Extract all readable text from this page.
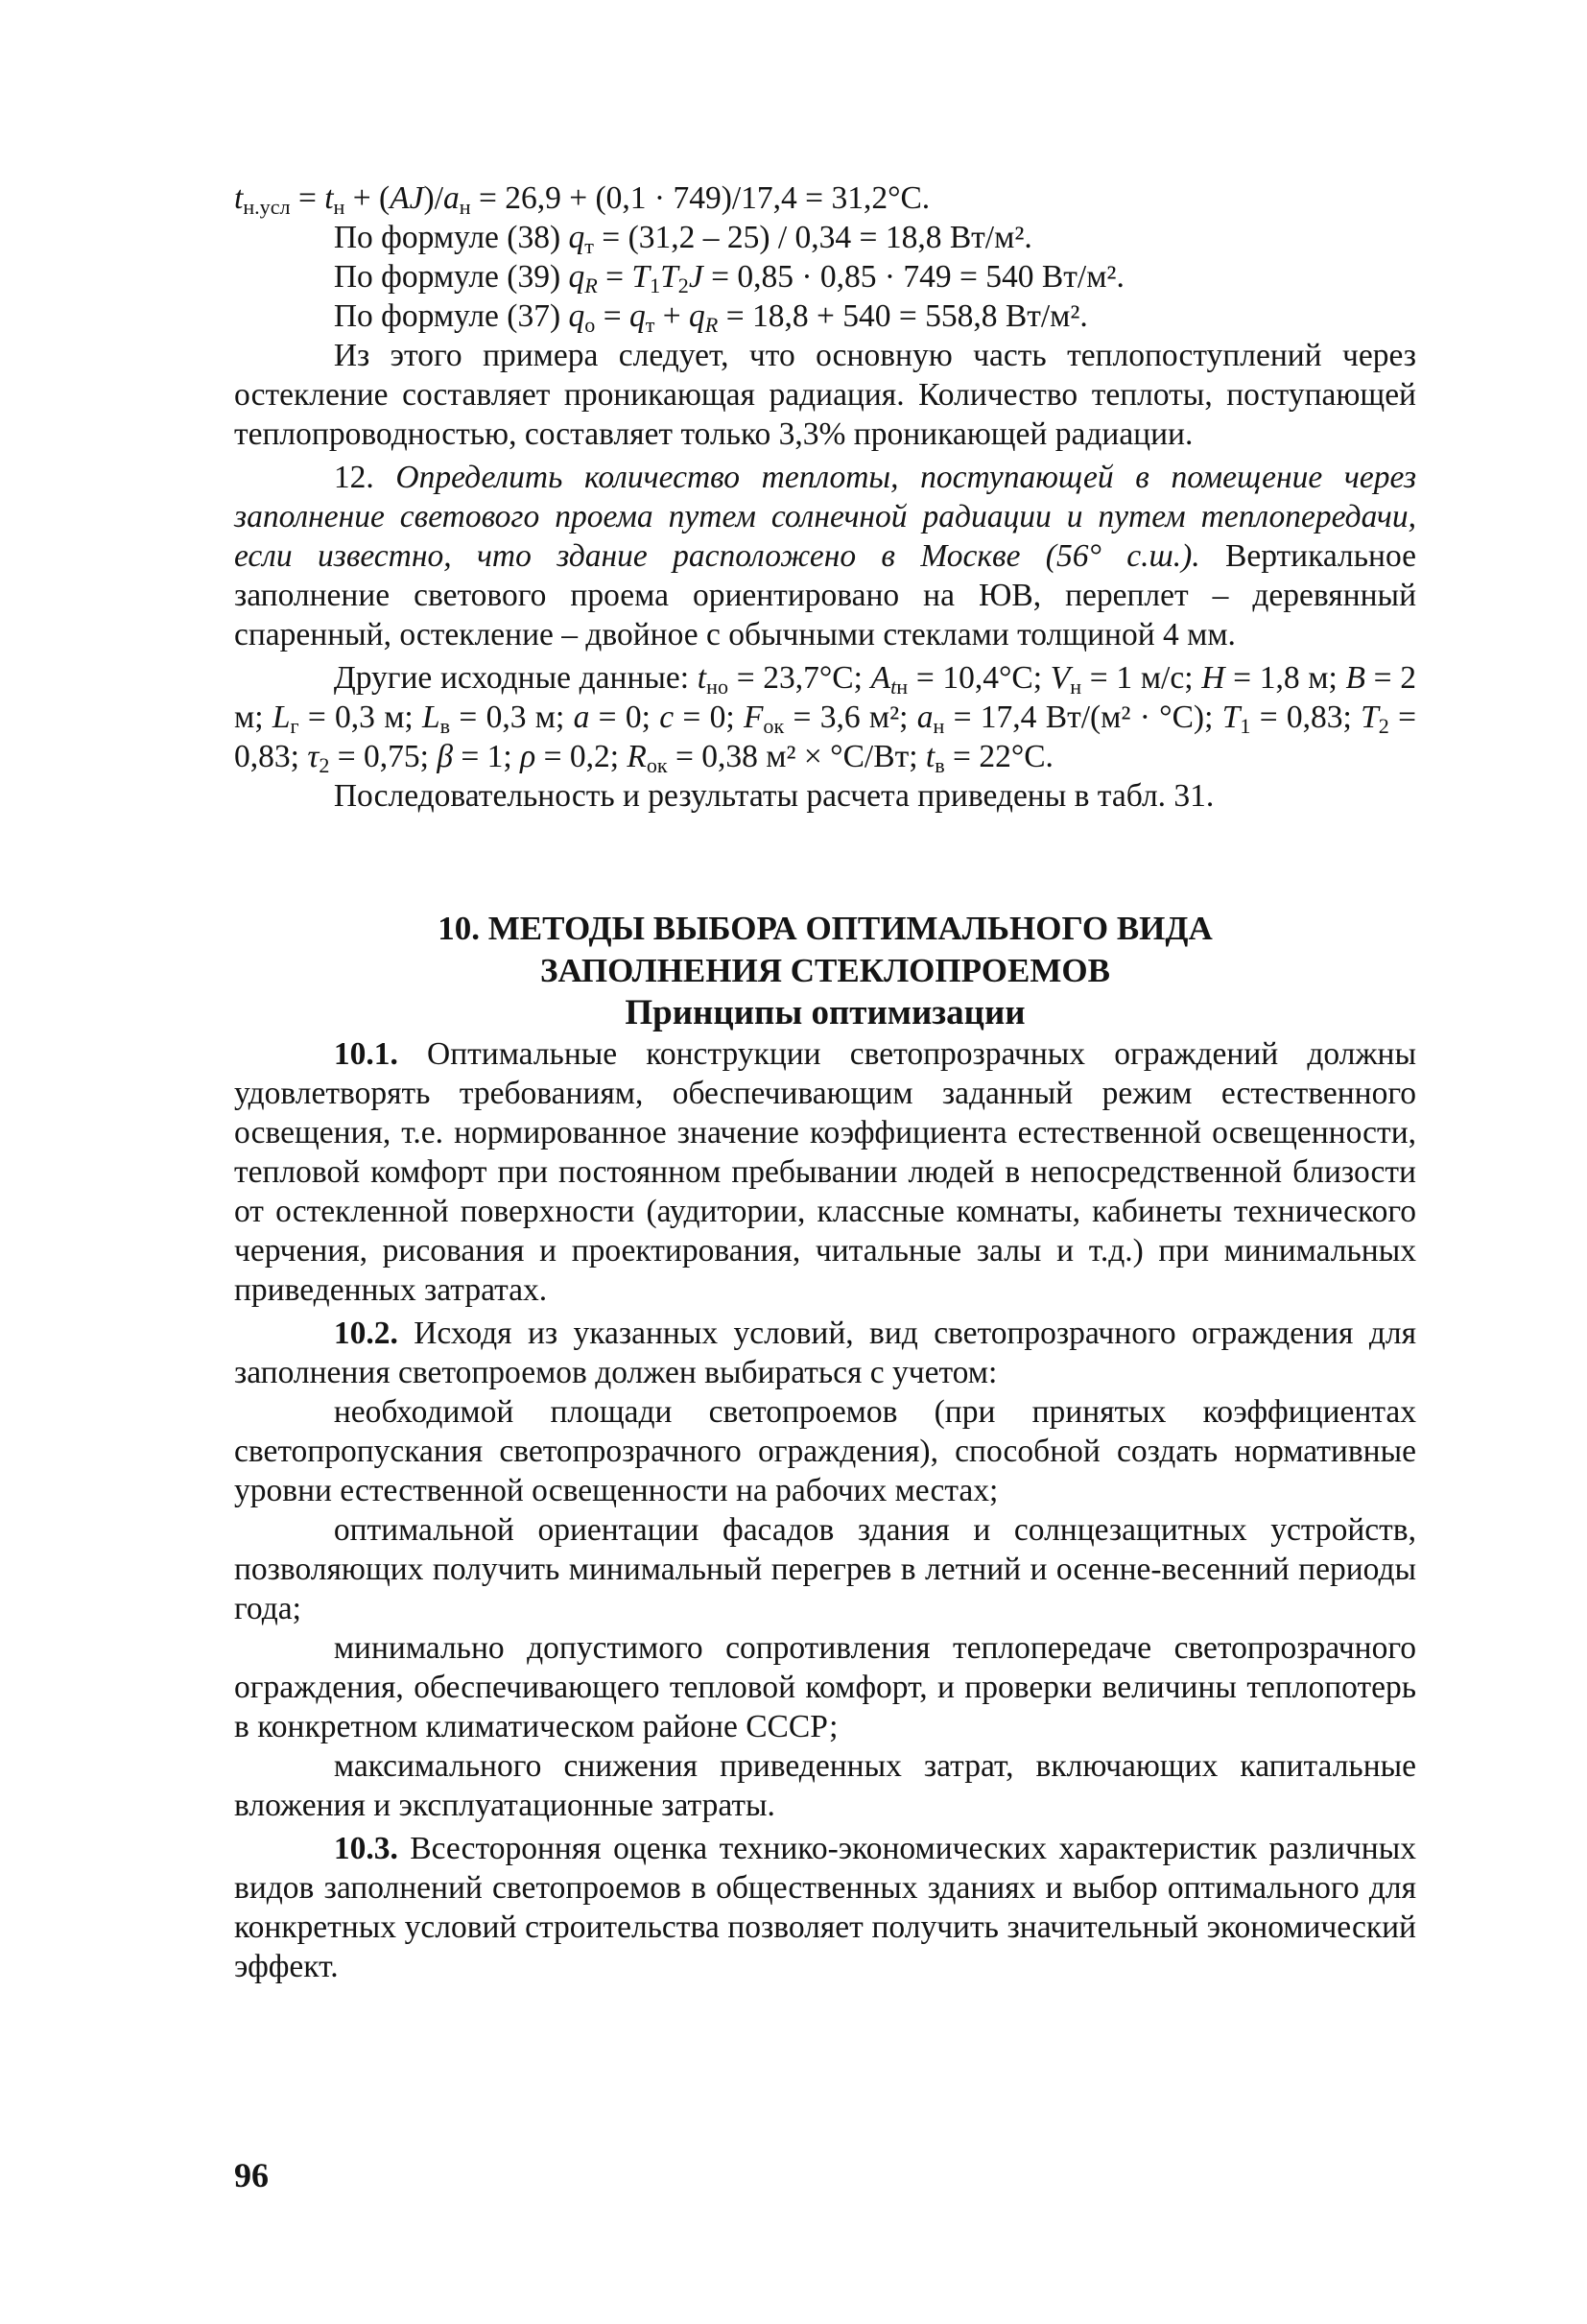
$t_{н.усл} = t_н + (АJ)/a_н = 26,9 + (0,1 \cdot 749)/17,4 = 31,2^\circ С$.

По формуле (38) $q_т = (31,2 - 25) / 0,34 = 18,8$ Вт/м².

По формуле (39) $q_R = T_1T_2J = 0,85 \cdot 0,85 \cdot 749 = 540$ Вт/м².

По формуле (37) $q_о = q_т + q_R = 18,8 + 540 = 558,8$ Вт/м².

Из этого примера следует, что основную часть теплопоступлений через остекление составляет проникающая радиация. Количество теплоты, поступающей теплопроводностью, составляет только 3,3% проникающей радиации.

12. Определить количество теплоты, поступающей в помещение через заполнение светового проема путем солнечной радиации и путем теплопередачи, если известно, что здание расположено в Москве (56° с.ш.). Вертикальное заполнение светового проема ориентировано на ЮВ, переплет – деревянный спаренный, остекление – двойное с обычными стеклами толщиной 4 мм.

Другие исходные данные: $t_{но} = 23,7^\circ С$; $A_{tн} = 10,4^\circ С$; $V_н = 1$ м/с; H = 1,8 м; B = 2 м; $L_г = 0,3$ м; $L_в = 0,3$ м; a = 0; c = 0; $F_{ок} = 3,6$ м²; $a_н = 17,4$ Вт/(м² · °С); $T_1 = 0,83$; $T_2 = 0,83$; $\tau_2 = 0,75$; β = 1; ρ = 0,2; $R_{ок} = 0,38$ м² × °С/Вт; $t_в = 22^\circ С$.

Последовательность и результаты расчета приведены в табл. 31.

10. МЕТОДЫ ВЫБОРА ОПТИМАЛЬНОГО ВИДА

ЗАПОЛНЕНИЯ СТЕКЛОПРОЕМОВ

Принципы оптимизации

10.1. Оптимальные конструкции светопрозрачных ограждений должны удовлетворять требованиям, обеспечивающим заданный режим естественного освещения, т.е. нормированное значение коэффициента естественной освещенности, тепловой комфорт при постоянном пребывании людей в непосредственной близости от остекленной поверхности (аудитории, классные комнаты, кабинеты технического черчения, рисования и проектирования, читальные залы и т.д.) при минимальных приведенных затратах.

10.2. Исходя из указанных условий, вид светопрозрачного ограждения для заполнения светопроемов должен выбираться с учетом:

необходимой площади светопроемов (при принятых коэффициентах светопропускания светопрозрачного ограждения), способной создать нормативные уровни естественной освещенности на рабочих местах;

оптимальной ориентации фасадов здания и солнцезащитных устройств, позволяющих получить минимальный перегрев в летний и осенне-весенний периоды года;

минимально допустимого сопротивления теплопередаче светопрозрачного ограждения, обеспечивающего тепловой комфорт, и проверки величины теплопотерь в конкретном климатическом районе СССР;

максимального снижения приведенных затрат, включающих капитальные вложения и эксплуатационные затраты.

10.3. Всесторонняя оценка технико-экономических характеристик различных видов заполнений светопроемов в общественных зданиях и выбор оптимального для конкретных условий строительства позволяет получить значительный экономический эффект.

96
